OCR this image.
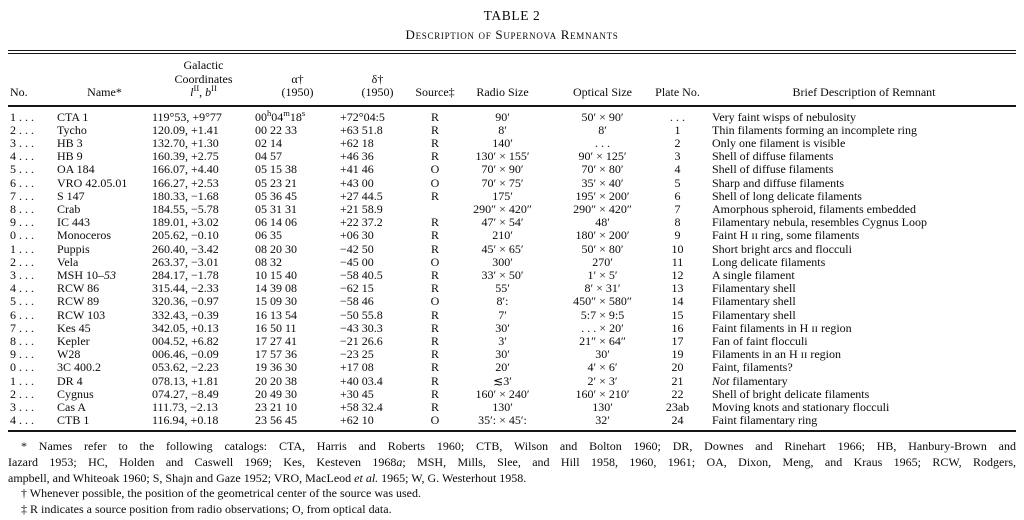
TABLE 2
Description of Supernova Remnants
No.	Name*	Galactic
Coordinates
$l^{II}$, $b^{II}$	α†
(1950)	δ†
(1950)	Source‡	Radio Size	Optical Size	Plate No.	Brief Description of Remnant
1 . . .	CTA 1	119°53, +9°77	$00^h04^m18^s$	+72°04:5	R	90′	50′ × 90′	. . .	Very faint wisps of nebulosity
2 . . .	Tycho	120.09, +1.41	00 22 33	+63 51.8	R	8′	8′	1	Thin filaments forming an incomplete ring
3 . . .	HB 3	132.70, +1.30	02 14	+62 18	R	140′	. . .	2	Only one filament is visible
4 . . .	HB 9	160.39, +2.75	04 57	+46 36	R	130′ × 155′	90′ × 125′	3	Shell of diffuse filaments
5 . . .	OA 184	166.07, +4.40	05 15 38	+41 46	O	70′ × 90′	70′ × 80′	4	Shell of diffuse filaments
6 . . .	VRO 42.05.01	166.27, +2.53	05 23 21	+43 00	O	70′ × 75′	35′ × 40′	5	Sharp and diffuse filaments
7 . . .	S 147	180.33, −1.68	05 36 45	+27 44.5	R	175′	195′ × 200′	6	Shell of long delicate filaments
8 . . .	Crab	184.55, −5.78	05 31 31	+21 58.9		290″ × 420″	290″ × 420″	7	Amorphous spheroid, filaments embedded
9 . . .	IC 443	189.01, +3.02	06 14 06	+22 37.2	R	47′ × 54′	48′	8	Filamentary nebula, resembles Cygnus Loop
0 . . .	Monoceros	205.62, −0.10	06 35	+06 30	R	210′	180′ × 200′	9	Faint H ɪɪ ring, some filaments
1 . . .	Puppis	260.40, −3.42	08 20 30	−42 50	R	45′ × 65′	50′ × 80′	10	Short bright arcs and flocculi
2 . . .	Vela	263.37, −3.01	08 32	−45 00	O	300′	270′	11	Long delicate filaments
3 . . .	MSH 10–53	284.17, −1.78	10 15 40	−58 40.5	R	33′ × 50′	1′ × 5′	12	A single filament
4 . . .	RCW 86	315.44, −2.33	14 39 08	−62 15	R	55′	8′ × 31′	13	Filamentary shell
5 . . .	RCW 89	320.36, −0.97	15 09 30	−58 46	O	8′:	450″ × 580″	14	Filamentary shell
6 . . .	RCW 103	332.43, −0.39	16 13 54	−50 55.8	R	7′	5:7 × 9:5	15	Filamentary shell
7 . . .	Kes 45	342.05, +0.13	16 50 11	−43 30.3	R	30′	. . . × 20′	16	Faint filaments in H ɪɪ region
8 . . .	Kepler	004.52, +6.82	17 27 41	−21 26.6	R	3′	21″ × 64″	17	Fan of faint flocculi
9 . . .	W28	006.46, −0.09	17 57 36	−23 25	R	30′	30′	19	Filaments in an H ɪɪ region
0 . . .	3C 400.2	053.62, −2.23	19 36 30	+17 08	R	20′	4′ × 6′	20	Faint, filaments?
1 . . .	DR 4	078.13, +1.81	20 20 38	+40 03.4	R	≲3′	2′ × 3′	21	Not filamentary
2 . . .	Cygnus	074.27, −8.49	20 49 30	+30 45	R	160′ × 240′	160′ × 210′	22	Shell of bright delicate filaments
3 . . .	Cas A	111.73, −2.13	23 21 10	+58 32.4	R	130′	130′	23ab	Moving knots and stationary flocculi
4 . . .	CTB 1	116.94, +0.18	23 56 45	+62 10	O	35′: × 45′:	32′	24	Faint filamentary ring
* Names refer to the following catalogs: CTA, Harris and Roberts 1960; CTB, Wilson and Bolton 1960; DR, Downes and Rinehart 1966; HB, Hanbury-Brown and
Iazard 1953; HC, Holden and Caswell 1969; Kes, Kesteven 1968a; MSH, Mills, Slee, and Hill 1958, 1960, 1961; OA, Dixon, Meng, and Kraus 1965; RCW, Rodgers,
ampbell, and Whiteoak 1960; S, Shajn and Gaze 1952; VRO, MacLeod et al. 1965; W, G. Westerhout 1958.
† Whenever possible, the position of the geometrical center of the source was used.
‡ R indicates a source position from radio observations; O, from optical data.
